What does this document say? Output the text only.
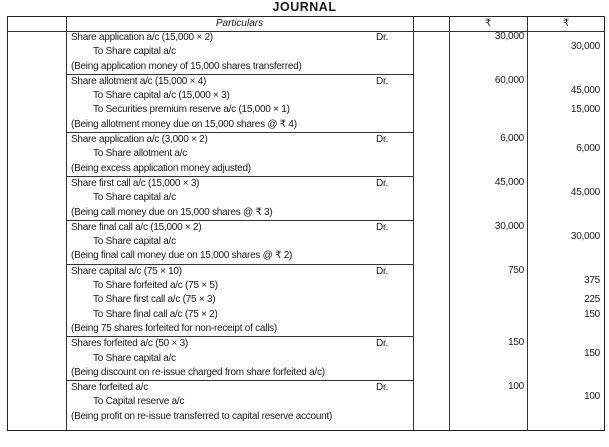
JOURNAL
Particulars	₹	₹
Share application a/c (15,000 × 2)	Dr.	30,000
To Share capital a/c	30,000
(Being application money of 15,000 shares transferred)
Share allotment a/c (15,000 × 4)	Dr.	60,000
To Share capital a/c (15,000 × 3)	45,000
To Securities premium reserve a/c (15,000 × 1)	15,000
(Being allotment money due on 15,000 shares @ ₹ 4)
Share application a/c (3,000 × 2)	Dr.	6,000
To Share allotment a/c	6,000
(Being excess application money adjusted)
Share first call a/c (15,000 × 3)	Dr.	45,000
To Share capital a/c	45,000
(Being call money due on 15,000 shares @ ₹ 3)
Share final call a/c (15,000 × 2)	Dr.	30,000
To Share capital a/c	30,000
(Being final call money due on 15,000 shares @ ₹ 2)
Share capital a/c (75 × 10)	Dr.	750
To Share forfeited a/c (75 × 5)	375
To Share first call a/c (75 × 3)	225
To Share final call a/c (75 × 2)	150
(Being 75 shares forfeited for non-receipt of calls)
Shares forfeited a/c (50 × 3)	Dr.	150
To Share capital a/c	150
(Being discount on re-issue charged from share forfeited a/c)
Share forfeited a/c	Dr.	100
To Capital reserve a/c	100
(Being profit on re-issue transferred to capital reserve account)
